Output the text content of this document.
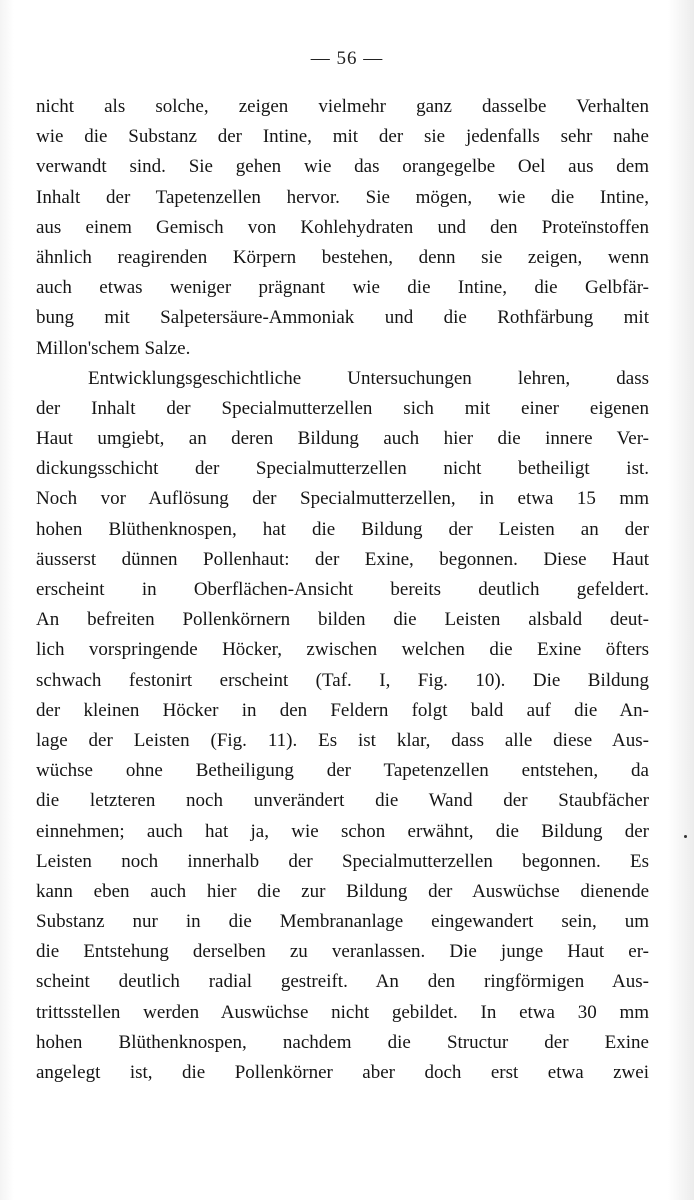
— 56 —
nicht als solche, zeigen vielmehr ganz dasselbe Verhalten
wie die Substanz der Intine, mit der sie jedenfalls sehr nahe
verwandt sind. Sie gehen wie das orangegelbe Oel aus dem
Inhalt der Tapetenzellen hervor. Sie mögen, wie die Intine,
aus einem Gemisch von Kohlehydraten und den Proteïnstoffen
ähnlich reagirenden Körpern bestehen, denn sie zeigen, wenn
auch etwas weniger prägnant wie die Intine, die Gelbfär-
bung mit Salpetersäure-Ammoniak und die Rothfärbung mit
Millon'schem Salze.
Entwicklungsgeschichtliche Untersuchungen lehren, dass
der Inhalt der Specialmutterzellen sich mit einer eigenen
Haut umgiebt, an deren Bildung auch hier die innere Ver-
dickungsschicht der Specialmutterzellen nicht betheiligt ist.
Noch vor Auflösung der Specialmutterzellen, in etwa 15 mm
hohen Blüthenknospen, hat die Bildung der Leisten an der
äusserst dünnen Pollenhaut: der Exine, begonnen. Diese Haut
erscheint in Oberflächen-Ansicht bereits deutlich gefeldert.
An befreiten Pollenkörnern bilden die Leisten alsbald deut-
lich vorspringende Höcker, zwischen welchen die Exine öfters
schwach festonirt erscheint (Taf. I, Fig. 10). Die Bildung
der kleinen Höcker in den Feldern folgt bald auf die An-
lage der Leisten (Fig. 11). Es ist klar, dass alle diese Aus-
wüchse ohne Betheiligung der Tapetenzellen entstehen, da
die letzteren noch unverändert die Wand der Staubfächer
einnehmen; auch hat ja, wie schon erwähnt, die Bildung der
Leisten noch innerhalb der Specialmutterzellen begonnen. Es
kann eben auch hier die zur Bildung der Auswüchse dienende
Substanz nur in die Membrananlage eingewandert sein, um
die Entstehung derselben zu veranlassen. Die junge Haut er-
scheint deutlich radial gestreift. An den ringförmigen Aus-
trittsstellen werden Auswüchse nicht gebildet. In etwa 30 mm
hohen Blüthenknospen, nachdem die Structur der Exine
angelegt ist, die Pollenkörner aber doch erst etwa zwei
